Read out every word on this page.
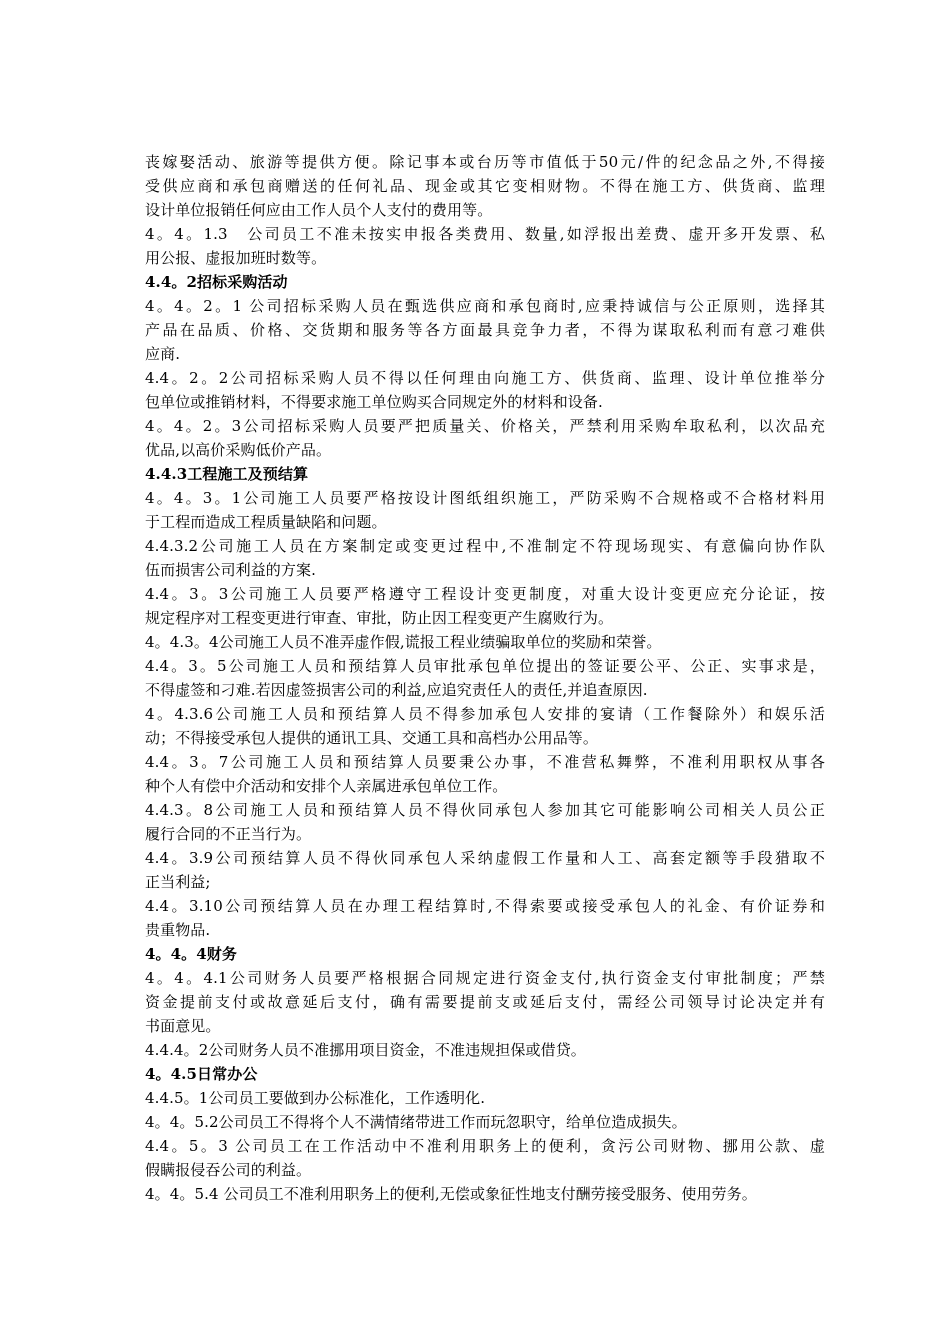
丧嫁娶活动、旅游等提供方便。除记事本或台历等市值低于50元/件的纪念品之外,不得接
受供应商和承包商赠送的任何礼品、现金或其它变相财物。不得在施工方、供货商、监理
设计单位报销任何应由工作人员个人支付的费用等。
4。4。1.3　公司员工不准未按实申报各类费用、数量,如浮报出差费、虚开多开发票、私
用公报、虚报加班时数等。
4.4。2招标采购活动
4。4。2。1 公司招标采购人员在甄选供应商和承包商时,应秉持诚信与公正原则，选择其
产品在品质、价格、交货期和服务等各方面最具竞争力者，不得为谋取私利而有意刁难供
应商.
4.4。2。2公司招标采购人员不得以任何理由向施工方、供货商、监理、设计单位推举分
包单位或推销材料，不得要求施工单位购买合同规定外的材料和设备.
4。4。2。3公司招标采购人员要严把质量关、价格关，严禁利用采购牟取私利，以次品充
优品,以高价采购低价产品。
4.4.3工程施工及预结算
4。4。3。1公司施工人员要严格按设计图纸组织施工，严防采购不合规格或不合格材料用
于工程而造成工程质量缺陷和问题。
4.4.3.2公司施工人员在方案制定或变更过程中,不准制定不符现场现实、有意偏向协作队
伍而损害公司利益的方案.
4.4。3。3公司施工人员要严格遵守工程设计变更制度，对重大设计变更应充分论证，按
规定程序对工程变更进行审查、审批，防止因工程变更产生腐败行为。
4。4.3。4公司施工人员不准弄虚作假,谎报工程业绩骗取单位的奖励和荣誉。
4.4。3。5公司施工人员和预结算人员审批承包单位提出的签证要公平、公正、实事求是，
不得虚签和刁难.若因虚签损害公司的利益,应追究责任人的责任,并追查原因.
4。4.3.6公司施工人员和预结算人员不得参加承包人安排的宴请（工作餐除外）和娱乐活
动；不得接受承包人提供的通讯工具、交通工具和高档办公用品等。
4.4。3。7公司施工人员和预结算人员要秉公办事，不准营私舞弊，不准利用职权从事各
种个人有偿中介活动和安排个人亲属进承包单位工作。
4.4.3。8公司施工人员和预结算人员不得伙同承包人参加其它可能影响公司相关人员公正
履行合同的不正当行为。
4.4。3.9公司预结算人员不得伙同承包人采纳虚假工作量和人工、高套定额等手段猎取不
正当利益;
4.4。3.10公司预结算人员在办理工程结算时,不得索要或接受承包人的礼金、有价证券和
贵重物品.
4。4。4财务
4。4。4.1公司财务人员要严格根据合同规定进行资金支付,执行资金支付审批制度；严禁
资金提前支付或故意延后支付，确有需要提前支或延后支付，需经公司领导讨论决定并有
书面意见。
4.4.4。2公司财务人员不准挪用项目资金，不准违规担保或借贷。
4。4.5日常办公
4.4.5。1公司员工要做到办公标准化，工作透明化.
4。4。5.2公司员工不得将个人不满情绪带进工作而玩忽职守，给单位造成损失。
4.4。5。3 公司员工在工作活动中不准利用职务上的便利，贪污公司财物、挪用公款、虚
假瞒报侵吞公司的利益。
4。4。5.4 公司员工不准利用职务上的便利,无偿或象征性地支付酬劳接受服务、使用劳务。
